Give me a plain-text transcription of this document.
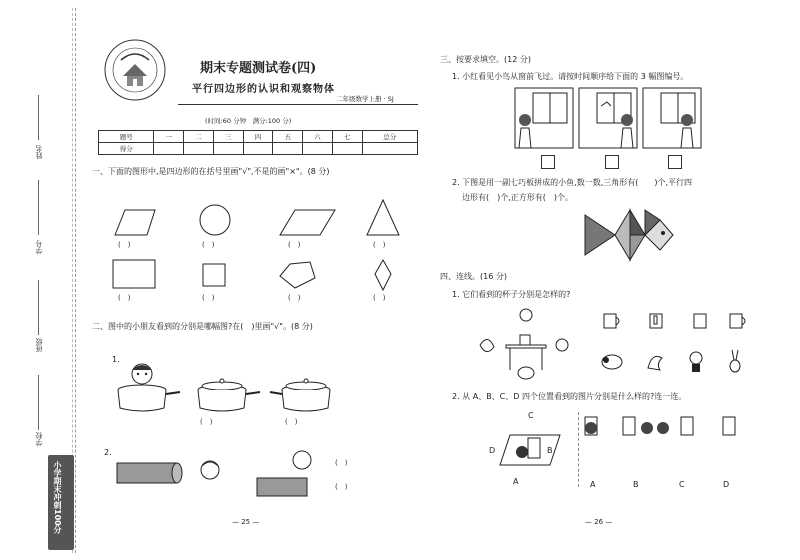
姓名
学号
班级
学校
小学期末冲刺100分
期末专题测试卷(四)
平行四边形的认识和观察物体
二年级数学上册 · SJ
(时间:60 分钟　满分:100 分)
题号	一	二	三	四	五	六	七	总分
得分								
一、下面的图形中,是四边形的在括号里画"√",不是的画"×"。(8 分)
(　)	(　)	(　)	(　)
(　)	(　)	(　)	(　)
二、图中的小朋友看到的分别是哪幅图?在(　)里画"√"。(8 分)
1.
(　)	(　)
2.
(　)
(　)
— 25 —
三、按要求填空。(12 分)
1. 小红看见小鸟从窗前飞过。请按时间顺序给下面的 3 幅图编号。
2. 下图是用一副七巧板拼成的小鱼,数一数,三角形有(　　)个,平行四
边形有(　)个,正方形有(　)个。
四、连线。(16 分)
1. 它们看到的杯子分别是怎样的?
2. 从 A、B、C、D 四个位置看到的图片分别是什么样的?连一连。
C
D	B
A	A	B	C	D
— 26 —
